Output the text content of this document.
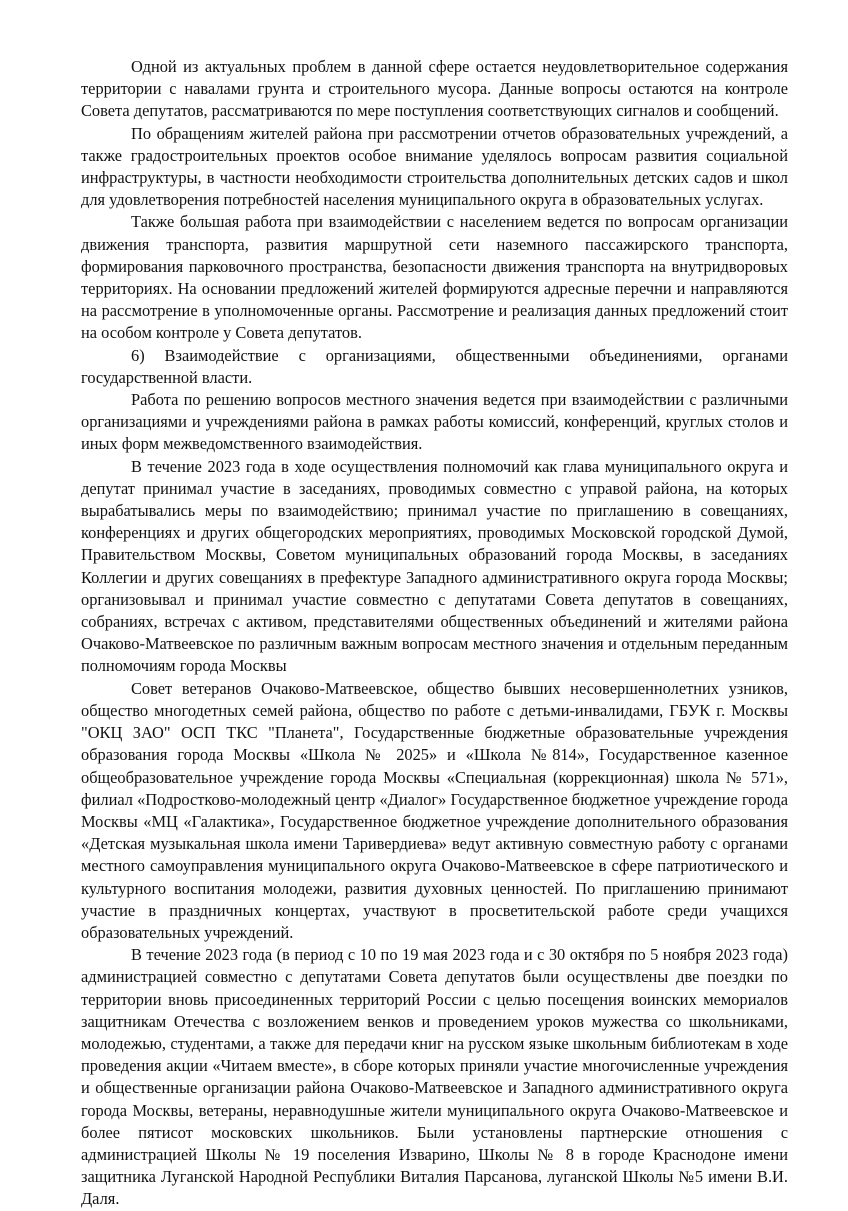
Одной из актуальных проблем в данной сфере остается неудовлетворительное содержания территории с навалами грунта и строительного мусора. Данные вопросы остаются на контроле Совета депутатов, рассматриваются по мере поступления соответствующих сигналов и сообщений.

По обращениям жителей района при рассмотрении отчетов образовательных учреждений, а также градостроительных проектов особое внимание уделялось вопросам развития социальной инфраструктуры, в частности необходимости строительства дополнительных детских садов и школ для удовлетворения потребностей населения муниципального округа в образовательных услугах.

Также большая работа при взаимодействии с населением ведется по вопросам организации движения транспорта, развития маршрутной сети наземного пассажирского транспорта, формирования парковочного пространства, безопасности движения транспорта на внутридворовых территориях. На основании предложений жителей формируются адресные перечни и направляются на рассмотрение в уполномоченные органы. Рассмотрение и реализация данных предложений стоит на особом контроле у Совета депутатов.

6) Взаимодействие с организациями, общественными объединениями, органами государственной власти.

Работа по решению вопросов местного значения ведется при взаимодействии с различными организациями и учреждениями района в рамках работы комиссий, конференций, круглых столов и иных форм межведомственного взаимодействия.

В течение 2023 года в ходе осуществления полномочий как глава муниципального округа и депутат принимал участие в заседаниях, проводимых совместно с управой района, на которых вырабатывались меры по взаимодействию; принимал участие по приглашению в совещаниях, конференциях и других общегородских мероприятиях, проводимых Московской городской Думой, Правительством Москвы, Советом муниципальных образований города Москвы, в заседаниях Коллегии и других совещаниях в префектуре Западного административного округа города Москвы; организовывал и принимал участие совместно с депутатами Совета депутатов в совещаниях, собраниях, встречах с активом, представителями общественных объединений и жителями района Очаково-Матвеевское по различным важным вопросам местного значения и отдельным переданным полномочиям города Москвы

Совет ветеранов Очаково-Матвеевское, общество бывших несовершеннолетних узников, общество многодетных семей района, общество по работе с детьми-инвалидами, ГБУК г. Москвы "ОКЦ ЗАО" ОСП ТКС "Планета", Государственные бюджетные образовательные учреждения образования города Москвы «Школа № 2025» и «Школа №814», Государственное казенное общеобразовательное учреждение города Москвы «Специальная (коррекционная) школа № 571», филиал «Подростково-молодежный центр «Диалог» Государственное бюджетное учреждение города Москвы «МЦ «Галактика», Государственное бюджетное учреждение дополнительного образования «Детская музыкальная школа имени Таривердиева» ведут активную совместную работу с органами местного самоуправления муниципального округа Очаково-Матвеевское в сфере патриотического и культурного воспитания молодежи, развития духовных ценностей. По приглашению принимают участие в праздничных концертах, участвуют в просветительской работе среди учащихся образовательных учреждений.

В течение 2023 года (в период с 10 по 19 мая 2023 года и с 30 октября по 5 ноября 2023 года) администрацией совместно с депутатами Совета депутатов были осуществлены две поездки по территории вновь присоединенных территорий России с целью посещения воинских мемориалов защитникам Отечества с возложением венков и проведением уроков мужества со школьниками, молодежью, студентами, а также для передачи книг на русском языке школьным библиотекам в ходе проведения акции «Читаем вместе», в сборе которых приняли участие многочисленные учреждения и общественные организации района Очаково-Матвеевское и Западного административного округа города Москвы, ветераны, неравнодушные жители муниципального округа Очаково-Матвеевское и более пятисот московских школьников. Были установлены партнерские отношения с администрацией Школы № 19 поселения Изварино, Школы № 8 в городе Краснодоне имени защитника Луганской Народной Республики Виталия Парсанова, луганской Школы №5 имени В.И. Даля.
